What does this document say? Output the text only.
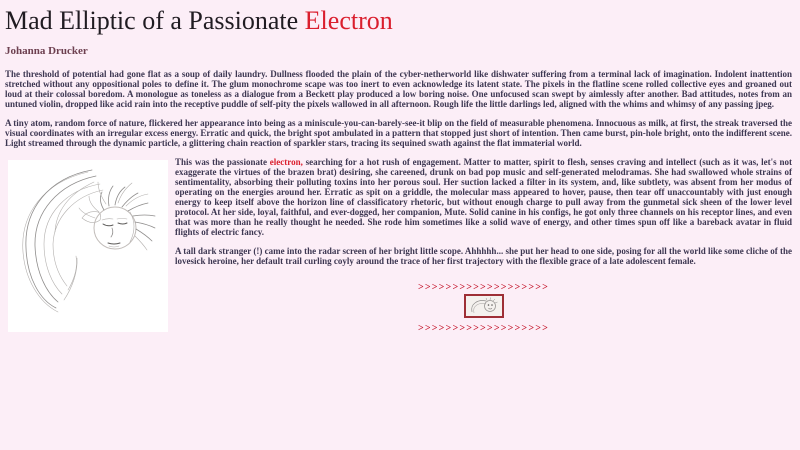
Mad Elliptic of a Passionate Electron
Johanna Drucker

The threshold of potential had gone flat as a soup of daily laundry. Dullness flooded the plain of the cyber-netherworld like dishwater suffering from a terminal lack of imagination. Indolent inattention stretched without any oppositional poles to define it. The glum monochrome scape was too inert to even acknowledge its latent state. The pixels in the flatline scene rolled collective eyes and groaned out loud at their colossal boredom. A monologue as toneless as a dialogue from a Beckett play produced a low boring noise. One unfocused scan swept by aimlessly after another. Bad attitudes, notes from an untuned violin, dropped like acid rain into the receptive puddle of self-pity the pixels wallowed in all afternoon. Rough life the little darlings led, aligned with the whims and whimsy of any passing jpeg.

A tiny atom, random force of nature, flickered her appearance into being as a miniscule-you-can-barely-see-it blip on the field of measurable phenomena. Innocuous as milk, at first, the streak traversed the visual coordinates with an irregular excess energy. Erratic and quick, the bright spot ambulated in a pattern that stopped just short of intention. Then came burst, pin-hole bright, onto the indifferent scene. Light streamed through the dynamic particle, a glittering chain reaction of sparkler stars, tracing its sequined swath against the flat immaterial world.

This was the passionate electron, searching for a hot rush of engagement. Matter to matter, spirit to flesh, senses craving and intellect (such as it was, let's not exaggerate the virtues of the brazen brat) desiring, she careened, drunk on bad pop music and self-generated melodramas. She had swallowed whole strains of sentimentality, absorbing their polluting toxins into her porous soul. Her suction lacked a filter in its system, and, like subtlety, was absent from her modus of operating on the energies around her. Erratic as spit on a griddle, the molecular mass appeared to hover, pause, then tear off unaccountably with just enough energy to keep itself above the horizon line of classificatory rhetoric, but without enough charge to pull away from the gunmetal sick sheen of the lower level protocol. At her side, loyal, faithful, and ever-dogged, her companion, Mute. Solid canine in his configs, he got only three channels on his receptor lines, and even that was more than he really thought he needed. She rode him sometimes like a solid wave of energy, and other times spun off like a bareback avatar in fluid flights of electric fancy.

A tall dark stranger (!) came into the radar screen of her bright little scope. Ahhhhh... she put her head to one side, posing for all the world like some cliche of the lovesick heroine, her default trail curling coyly around the trace of her first trajectory with the flexible grace of a late adolescent female.

>>>>>>>>>>>>>>>>>>>
>>>>>>>>>>>>>>>>>>>
